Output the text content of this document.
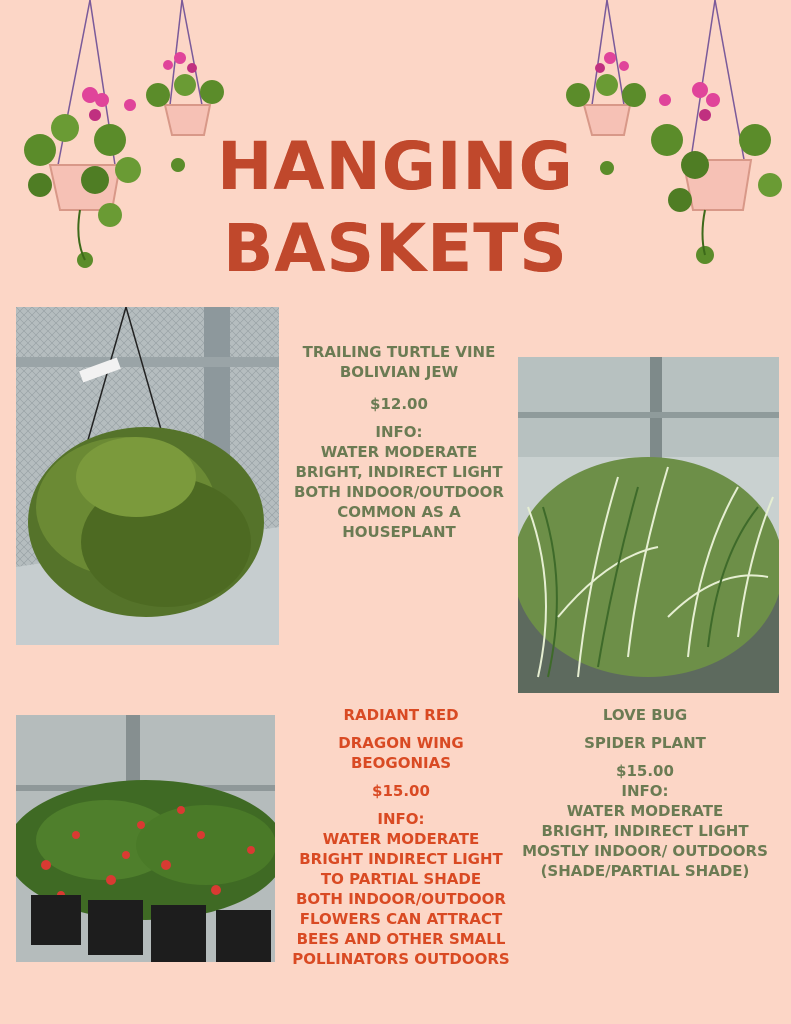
HANGING
BASKETS
TRAILING TURTLE VINE
BOLIVIAN JEW
$12.00
INFO:
WATER MODERATE
BRIGHT, INDIRECT LIGHT
BOTH INDOOR/OUTDOOR
COMMON AS A
HOUSEPLANT
RADIANT RED
DRAGON WING
BEOGONIAS
$15.00
INFO:
WATER MODERATE
BRIGHT INDIRECT LIGHT
TO PARTIAL SHADE
BOTH INDOOR/OUTDOOR
FLOWERS CAN ATTRACT
BEES AND OTHER SMALL
POLLINATORS OUTDOORS
LOVE BUG
SPIDER PLANT
$15.00
INFO:
WATER MODERATE
BRIGHT, INDIRECT LIGHT
MOSTLY INDOOR/ OUTDOORS
(SHADE/PARTIAL SHADE)
